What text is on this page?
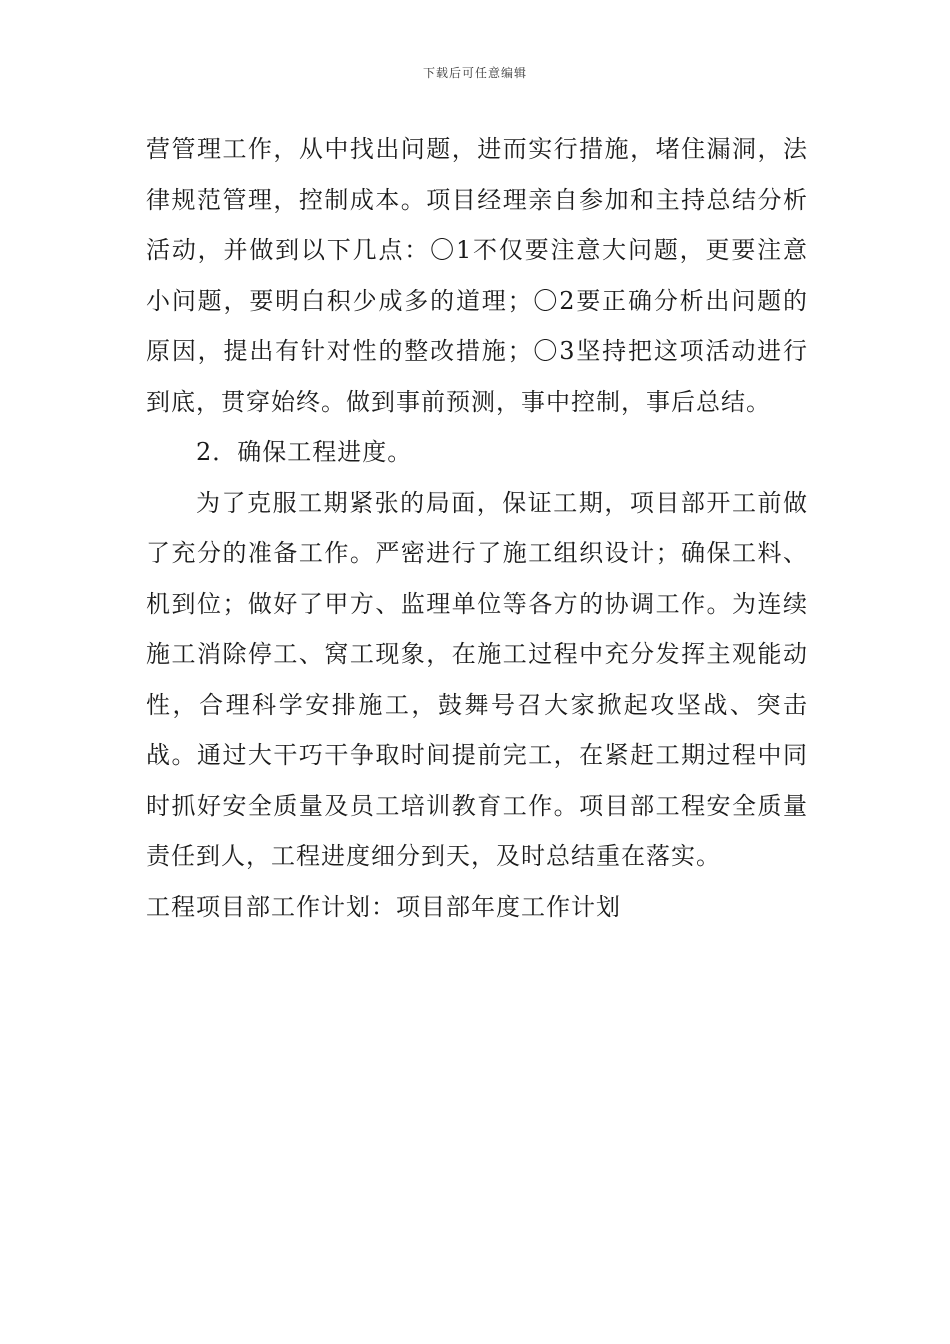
下载后可任意编辑

营管理工作，从中找出问题，进而实行措施，堵住漏洞，法律规范管理，控制成本。项目经理亲自参加和主持总结分析活动，并做到以下几点：〇1不仅要注意大问题，更要注意小问题，要明白积少成多的道理；〇2要正确分析出问题的原因，提出有针对性的整改措施；〇3坚持把这项活动进行到底，贯穿始终。做到事前预测，事中控制，事后总结。

2．确保工程进度。

为了克服工期紧张的局面，保证工期，项目部开工前做了充分的准备工作。严密进行了施工组织设计；确保工料、机到位；做好了甲方、监理单位等各方的协调工作。为连续施工消除停工、窝工现象，在施工过程中充分发挥主观能动性，合理科学安排施工，鼓舞号召大家掀起攻坚战、突击战。通过大干巧干争取时间提前完工，在紧赶工期过程中同时抓好安全质量及员工培训教育工作。项目部工程安全质量责任到人，工程进度细分到天，及时总结重在落实。

工程项目部工作计划：项目部年度工作计划
